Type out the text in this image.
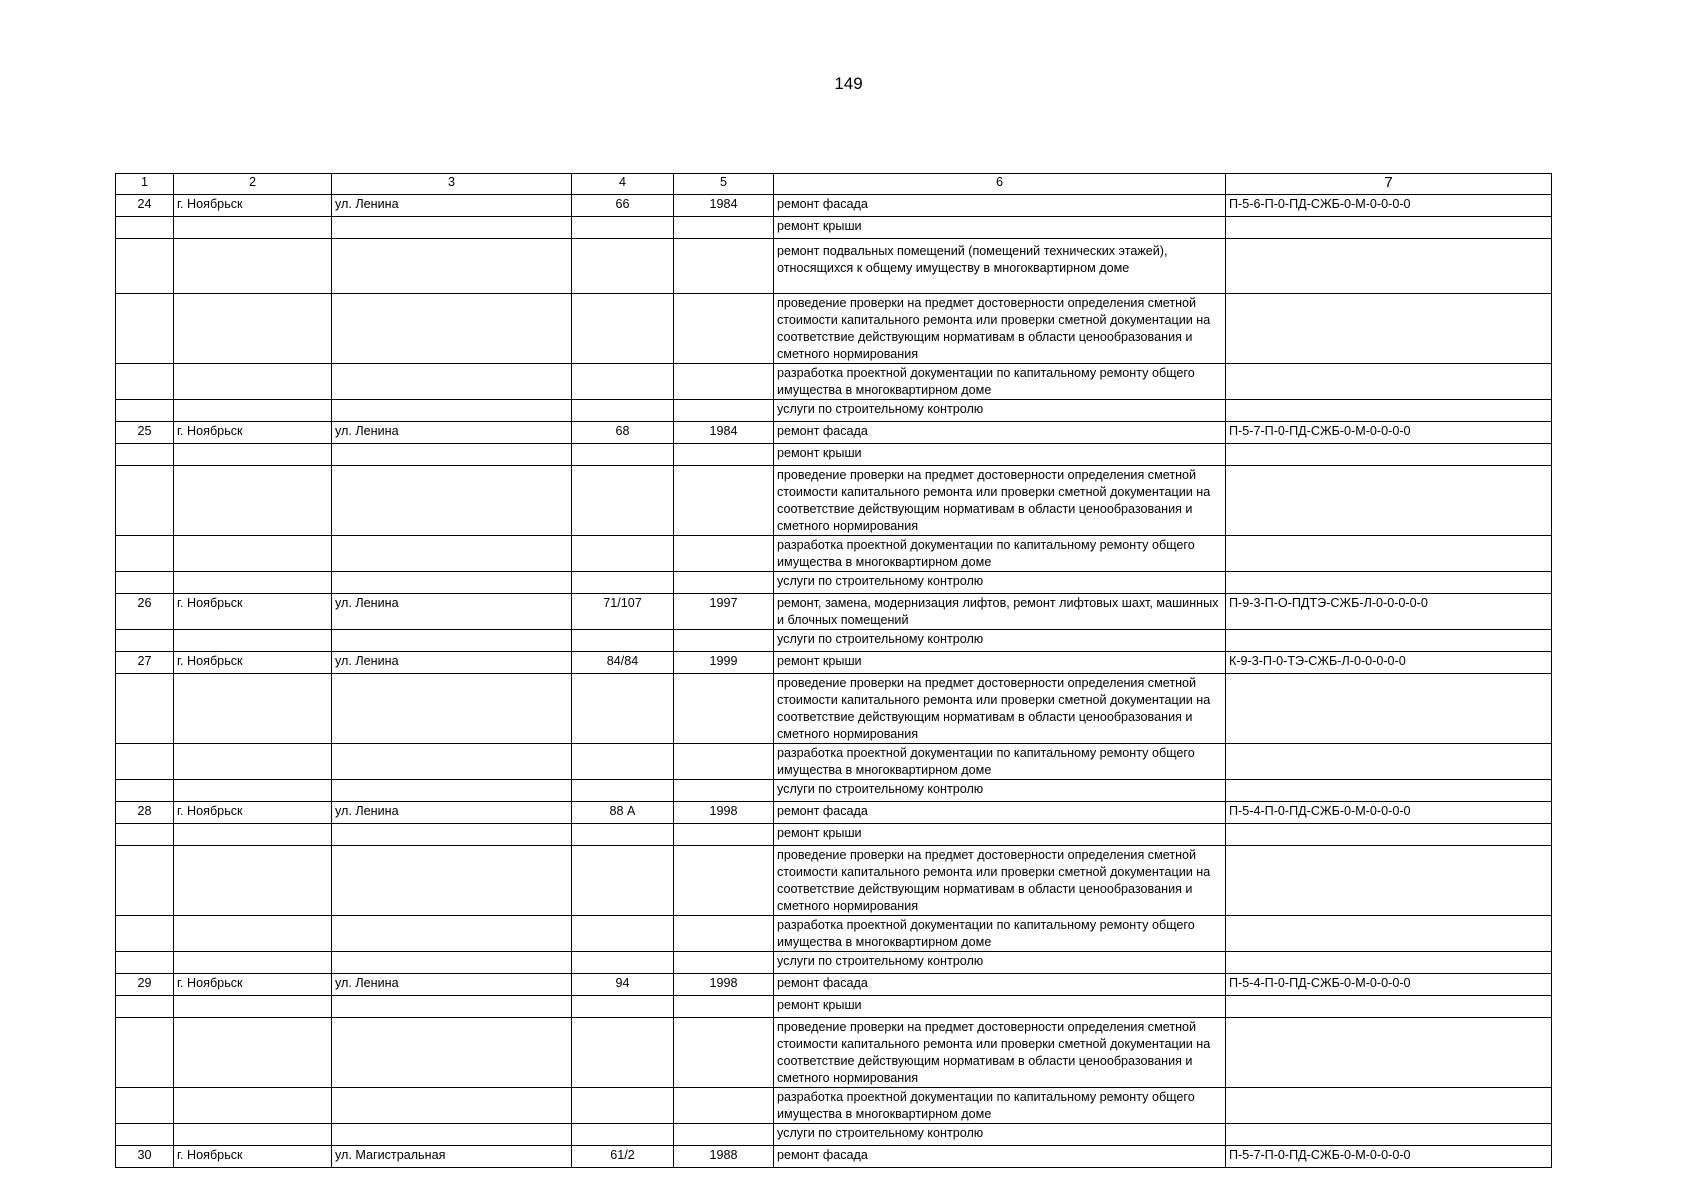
149
1	2	3	4	5	6	7
24	г. Ноябрьск	ул. Ленина	66	1984	ремонт фасада	П-5-6-П-0-ПД-СЖБ-0-М-0-0-0-0
					ремонт крыши	
					ремонт подвальных помещений (помещений технических этажей), относящихся к общему имуществу в многоквартирном доме	
					проведение проверки на предмет достоверности определения сметной стоимости капитального ремонта или проверки сметной документации на соответствие действующим нормативам в области ценообразования и сметного нормирования	
					разработка проектной документации по капитальному ремонту общего имущества в многоквартирном доме	
					услуги по строительному контролю	
25	г. Ноябрьск	ул. Ленина	68	1984	ремонт фасада	П-5-7-П-0-ПД-СЖБ-0-М-0-0-0-0
					ремонт крыши	
					проведение проверки на предмет достоверности определения сметной стоимости капитального ремонта или проверки сметной документации на соответствие действующим нормативам в области ценообразования и сметного нормирования	
					разработка проектной документации по капитальному ремонту общего имущества в многоквартирном доме	
					услуги по строительному контролю	
26	г. Ноябрьск	ул. Ленина	71/107	1997	ремонт, замена, модернизация лифтов, ремонт лифтовых шахт, машинных и блочных помещений	П-9-3-П-О-ПДТЭ-СЖБ-Л-0-0-0-0-0
					услуги по строительному контролю	
27	г. Ноябрьск	ул. Ленина	84/84	1999	ремонт крыши	К-9-3-П-0-ТЭ-СЖБ-Л-0-0-0-0-0
					проведение проверки на предмет достоверности определения сметной стоимости капитального ремонта или проверки сметной документации на соответствие действующим нормативам в области ценообразования и сметного нормирования	
					разработка проектной документации по капитальному ремонту общего имущества в многоквартирном доме	
					услуги по строительному контролю	
28	г. Ноябрьск	ул. Ленина	88 А	1998	ремонт фасада	П-5-4-П-0-ПД-СЖБ-0-М-0-0-0-0
					ремонт крыши	
					проведение проверки на предмет достоверности определения сметной стоимости капитального ремонта или проверки сметной документации на соответствие действующим нормативам в области ценообразования и сметного нормирования	
					разработка проектной документации по капитальному ремонту общего имущества в многоквартирном доме	
					услуги по строительному контролю	
29	г. Ноябрьск	ул. Ленина	94	1998	ремонт фасада	П-5-4-П-0-ПД-СЖБ-0-М-0-0-0-0
					ремонт крыши	
					проведение проверки на предмет достоверности определения сметной стоимости капитального ремонта или проверки сметной документации на соответствие действующим нормативам в области ценообразования и сметного нормирования	
					разработка проектной документации по капитальному ремонту общего имущества в многоквартирном доме	
					услуги по строительному контролю	
30	г. Ноябрьск	ул. Магистральная	61/2	1988	ремонт фасада	П-5-7-П-0-ПД-СЖБ-0-М-0-0-0-0
